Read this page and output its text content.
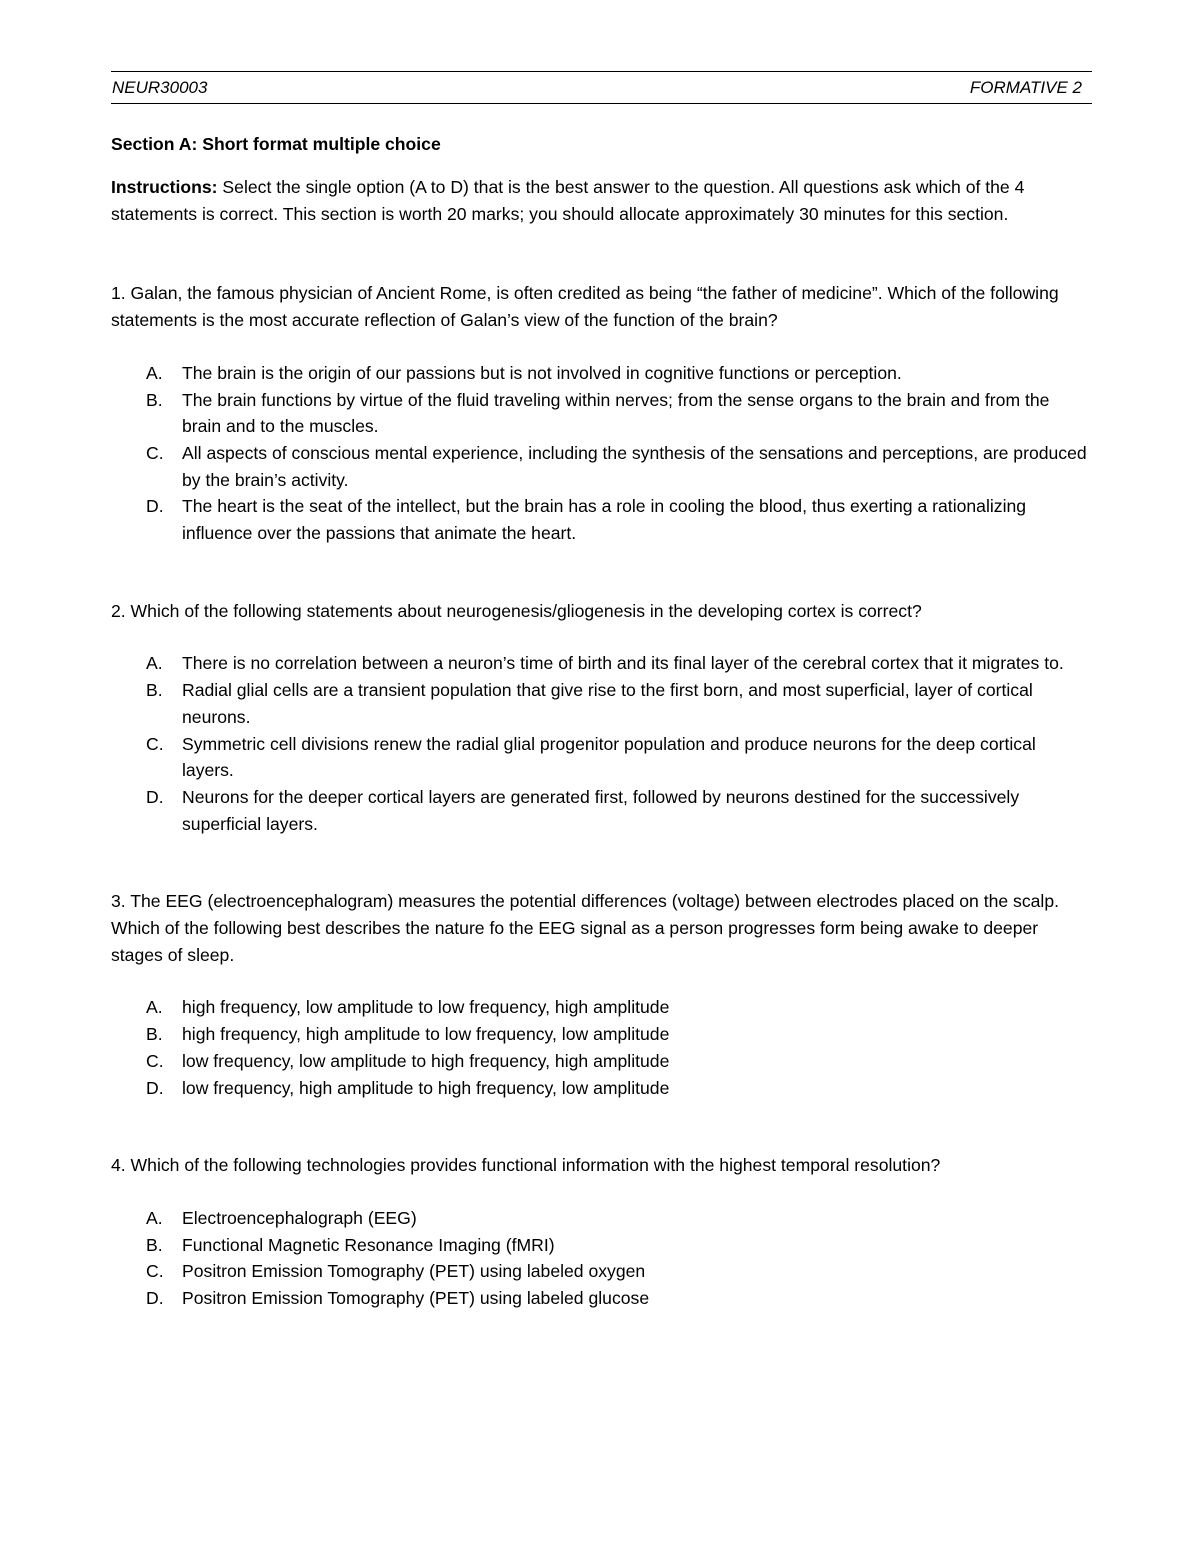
NEUR30003	FORMATIVE 2

Section A: Short format multiple choice

Instructions: Select the single option (A to D) that is the best answer to the question. All questions ask which of the 4 statements is correct. This section is worth 20 marks; you should allocate approximately 30 minutes for this section.

1. Galan, the famous physician of Ancient Rome, is often credited as being “the father of medicine”. Which of the following statements is the most accurate reflection of Galan’s view of the function of the brain?

A. The brain is the origin of our passions but is not involved in cognitive functions or perception.
B. The brain functions by virtue of the fluid traveling within nerves; from the sense organs to the brain and from the brain and to the muscles.
C. All aspects of conscious mental experience, including the synthesis of the sensations and perceptions, are produced by the brain’s activity.
D. The heart is the seat of the intellect, but the brain has a role in cooling the blood, thus exerting a rationalizing influence over the passions that animate the heart.

2. Which of the following statements about neurogenesis/gliogenesis in the developing cortex is correct?

A. There is no correlation between a neuron’s time of birth and its final layer of the cerebral cortex that it migrates to.
B. Radial glial cells are a transient population that give rise to the first born, and most superficial, layer of cortical neurons.
C. Symmetric cell divisions renew the radial glial progenitor population and produce neurons for the deep cortical layers.
D. Neurons for the deeper cortical layers are generated first, followed by neurons destined for the successively superficial layers.

3. The EEG (electroencephalogram) measures the potential differences (voltage) between electrodes placed on the scalp. Which of the following best describes the nature fo the EEG signal as a person progresses form being awake to deeper stages of sleep.

A. high frequency, low amplitude to low frequency, high amplitude
B. high frequency, high amplitude to low frequency, low amplitude
C. low frequency, low amplitude to high frequency, high amplitude
D. low frequency, high amplitude to high frequency, low amplitude

4. Which of the following technologies provides functional information with the highest temporal resolution?

A. Electroencephalograph (EEG)
B. Functional Magnetic Resonance Imaging (fMRI)
C. Positron Emission Tomography (PET) using labeled oxygen
D. Positron Emission Tomography (PET) using labeled glucose
